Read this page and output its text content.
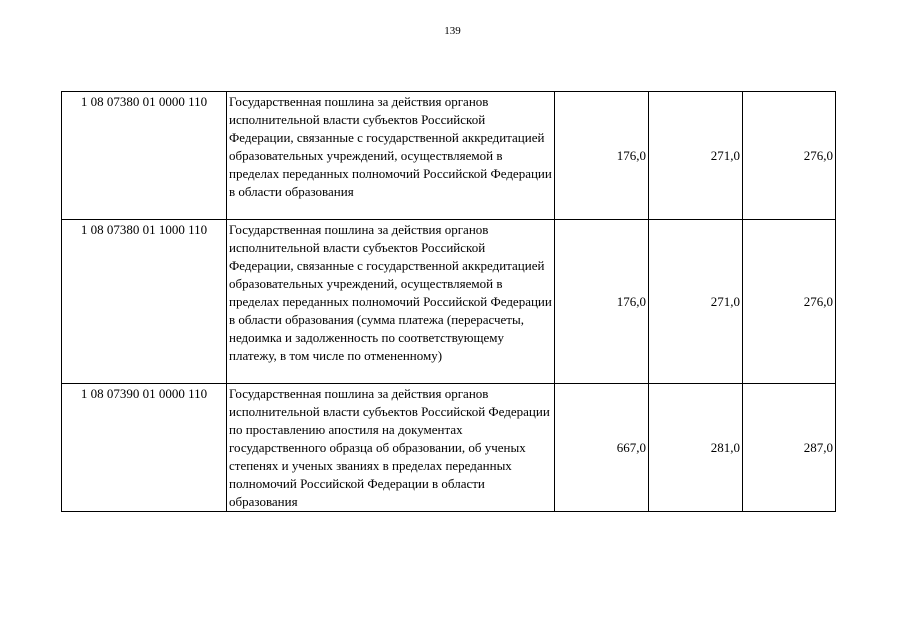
139
1 08 07380 01 0000 110	Государственная пошлина за действия органов исполнительной власти субъектов Российской Федерации, связанные с государственной аккредитацией образовательных учреждений, осуществляемой в пределах переданных полномочий Российской Федерации в области образования	176,0	271,0	276,0
1 08 07380 01 1000 110	Государственная пошлина за действия органов исполнительной власти субъектов Российской Федерации, связанные с государственной аккредитацией образовательных учреждений, осуществляемой в пределах переданных полномочий Российской Федерации в области образования (сумма платежа (перерасчеты, недоимка и задолженность по соответствующему платежу, в том числе по отмененному)	176,0	271,0	276,0
1 08 07390 01 0000 110	Государственная пошлина за действия органов исполнительной власти субъектов Российской Федерации по проставлению апостиля на документах государственного образца об образовании, об ученых степенях и ученых званиях в пределах переданных полномочий Российской Федерации в области образования	667,0	281,0	287,0
